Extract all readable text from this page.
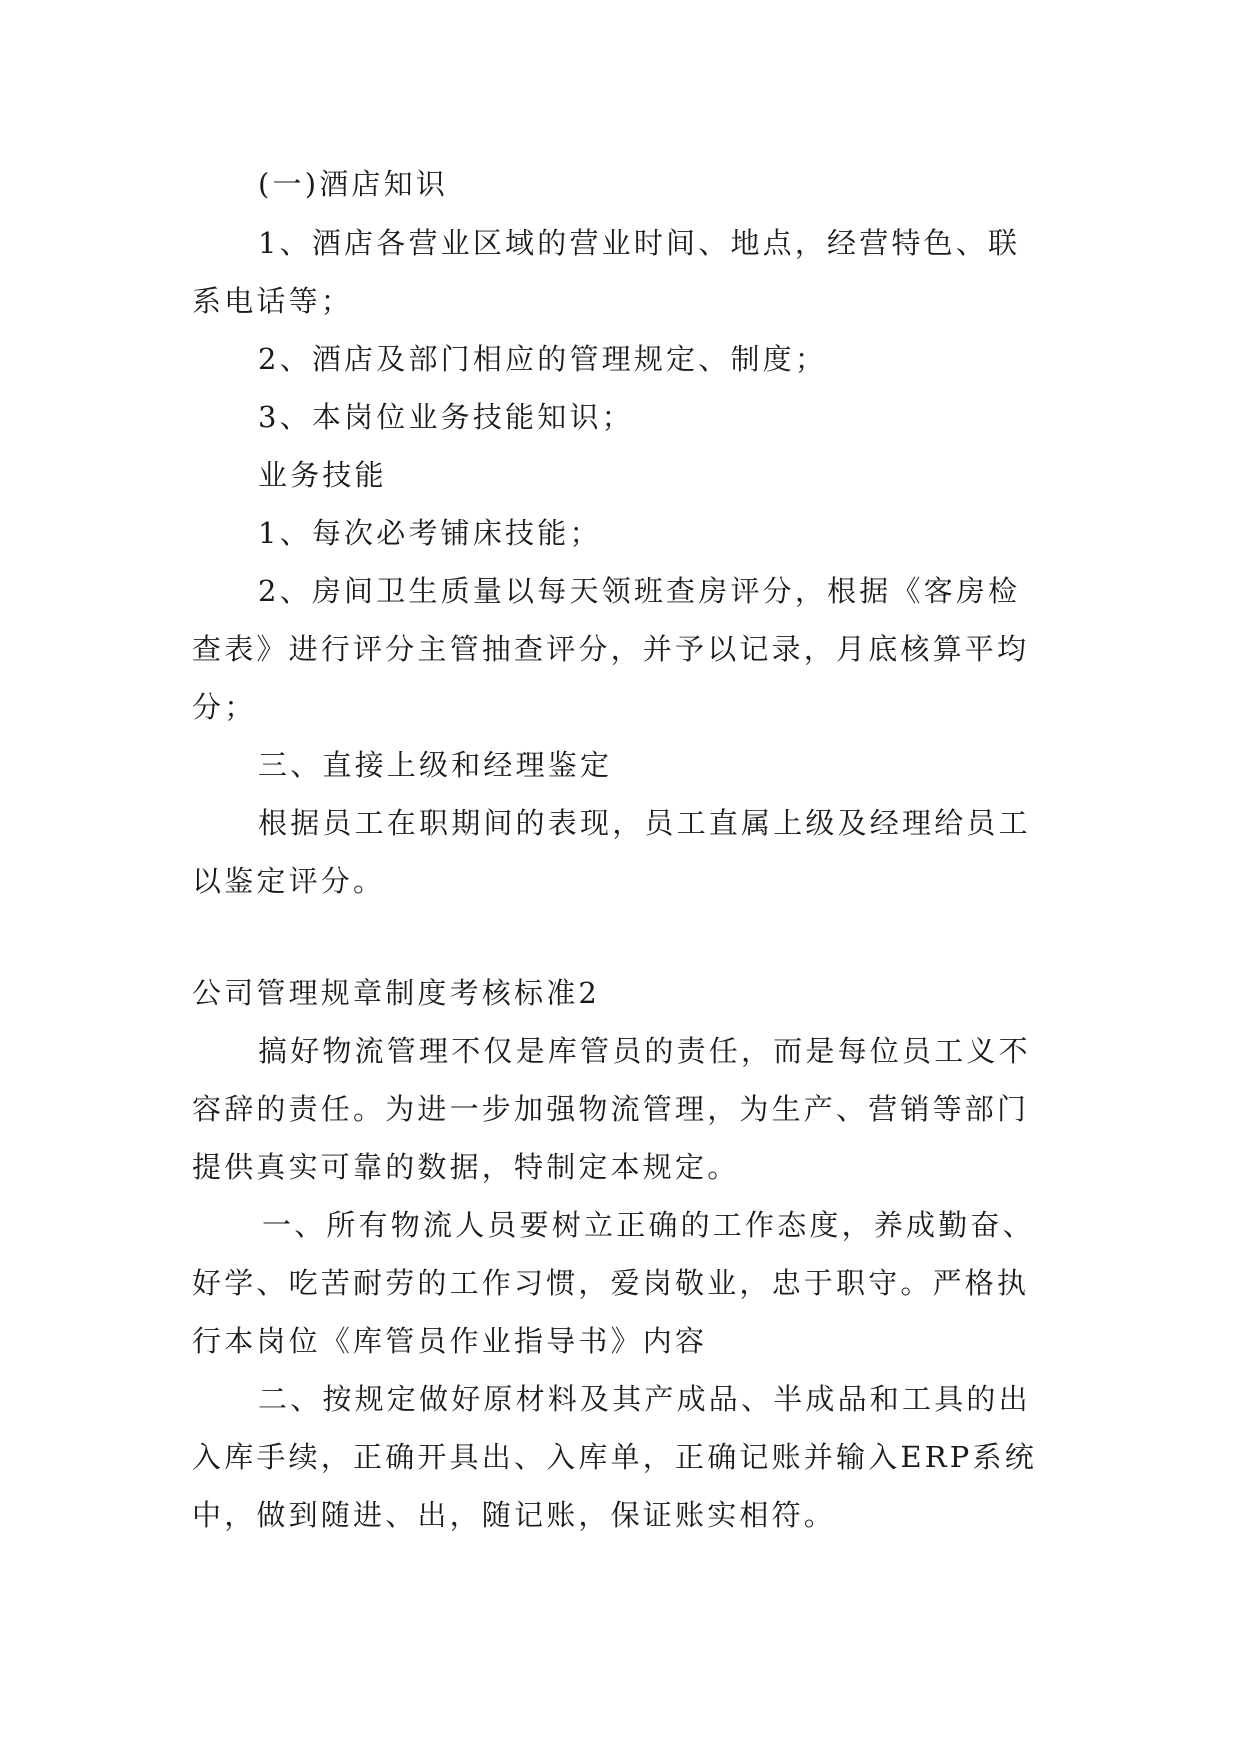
(一)酒店知识
1、酒店各营业区域的营业时间、地点，经营特色、联
系电话等；
2、酒店及部门相应的管理规定、制度；
3、本岗位业务技能知识；
业务技能
1、每次必考铺床技能；
2、房间卫生质量以每天领班查房评分，根据《客房检
查表》进行评分主管抽查评分，并予以记录，月底核算平均
分；
三、直接上级和经理鉴定
根据员工在职期间的表现，员工直属上级及经理给员工
以鉴定评分。
公司管理规章制度考核标准2
搞好物流管理不仅是库管员的责任，而是每位员工义不
容辞的责任。为进一步加强物流管理，为生产、营销等部门
提供真实可靠的数据，特制定本规定。
一、所有物流人员要树立正确的工作态度，养成勤奋、
好学、吃苦耐劳的工作习惯，爱岗敬业，忠于职守。严格执
行本岗位《库管员作业指导书》内容
二、按规定做好原材料及其产成品、半成品和工具的出
入库手续，正确开具出、入库单，正确记账并输入ERP系统
中，做到随进、出，随记账，保证账实相符。
